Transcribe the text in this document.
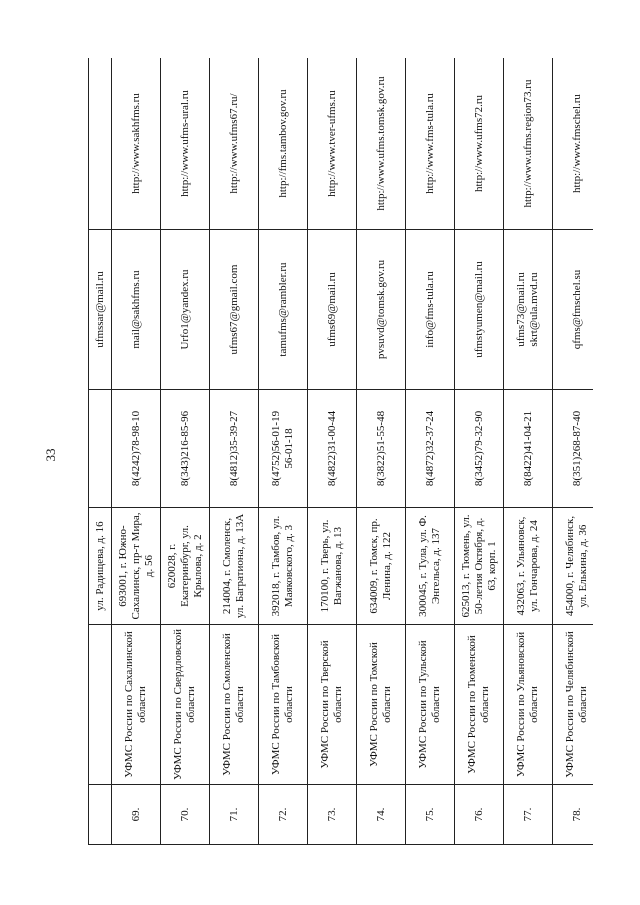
33

		ул. Радищева, д. 16		ufmssar@mail.ru	

69.	УФМС России по Сахалинской области	693001, г. Южно-Сахалинск, пр-т Мира, д. 56	8(4242)78-98-10	mail@sakhfms.ru	http://www.sakhfms.ru

70.	УФМС России по Свердловской области	620028, г. Екатеринбург, ул. Крылова, д. 2	8(343)216-85-96	Urfo1@yandex.ru	http://www.ufms-ural.ru

71.	УФМС России по Смоленской области	214004, г. Смоленск, ул. Багратиона, д. 13А	8(4812)35-39-27	ufms67@gmail.com	http://www.ufms67.ru/

72.	УФМС России по Тамбовской области	392018, г. Тамбов, ул. Маяковского, д. 3	8(4752)56-01-19 56-01-18	tamufms@rambler.ru	http://fms.tambov.gov.ru

73.	УФМС России по Тверской области	170100, г. Тверь, ул. Вагжанова, д. 13	8(4822)31-00-44	ufms69@mail.ru	http://www.tver-ufms.ru

74.	УФМС России по Томской области	634009, г. Томск, пр. Ленина, д. 122	8(3822)51-55-48	pvsuvd@tomsk.gov.ru	http://www.ufms.tomsk.gov.ru

75.	УФМС России по Тульской области	300045, г. Тула, ул. Ф. Энгельса, д. 137	8(4872)32-37-24	info@fms-tula.ru	http://www.fms-tula.ru

76.	УФМС России по Тюменской области	625013, г. Тюмень, ул. 50-летия Октября, д. 63, корп. 1	8(3452)79-32-90	ufmstyumen@mail.ru	http://www.ufms72.ru

77.	УФМС России по Ульяновской области	432063, г. Ульяновск, ул. Гончарова, д. 24	8(8422)41-04-21	ufms73@mail.ru skrt@ula.mvd.ru	http://www.ufms.region73.ru

78.	УФМС России по Челябинской области	454000, г. Челябинск, ул. Елькина, д. 36	8(351)268-87-40	qfms@fmschel.su	http://www.fmschel.ru
